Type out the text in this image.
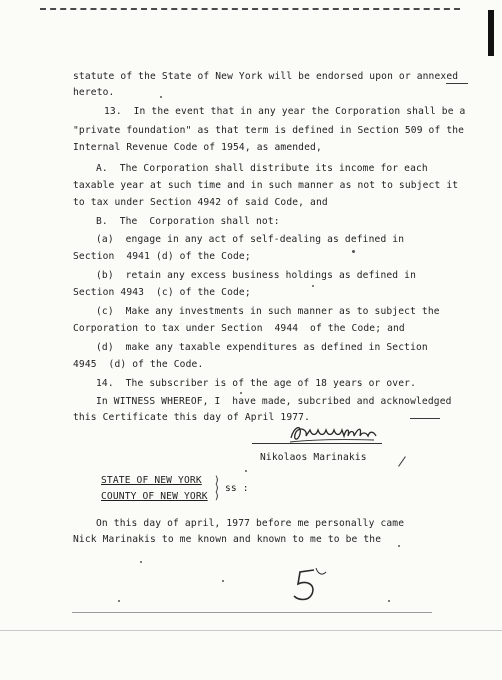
statute of the State of New York will be endorsed upon or annexed
hereto.
13.  In the event that in any year the Corporation shall be a
"private foundation" as that term is defined in Section 509 of the
Internal Revenue Code of 1954, as amended,
A.  The Corporation shall distribute its income for each
taxable year at such time and in such manner as not to subject it
to tax under Section 4942 of said Code, and
B.  The  Corporation shall not:
(a)  engage in any act of self-dealing as defined in
Section  4941 (d) of the Code;
(b)  retain any excess business holdings as defined in
Section 4943  (c) of the Code;
(c)  Make any investments in such manner as to subject the
Corporation to tax under Section  4944  of the Code; and
(d)  make any taxable expenditures as defined in Section
4945  (d) of the Code.
14.  The subscriber is of the age of 18 years or over.
In WITNESS WHEREOF, I  have made, subcribed and acknowledged
this Certificate this day of April 1977.
Nikolaos Marinakis
STATE OF NEW YORK
COUNTY OF NEW YORK
)
)
)
ss :
On this day of april, 1977 before me personally came
Nick Marinakis to me known and known to me to be the
